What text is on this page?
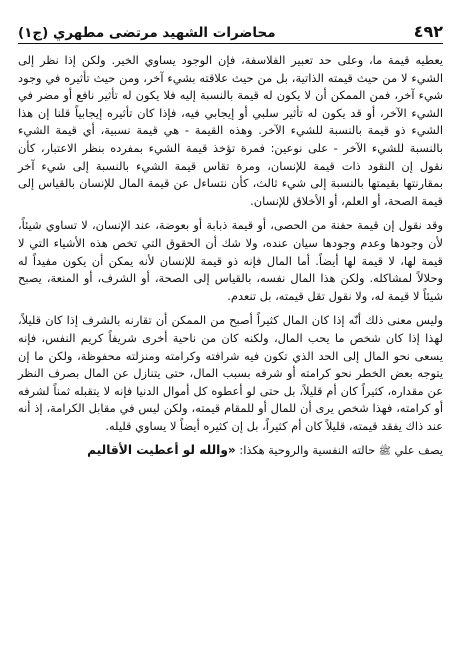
٤٩٢
محاضرات الشهيد مرتضى مطهري (ج١)

يعطيه قيمة ما، وعلى حد تعبير الفلاسفة، فإن الوجود يساوي الخير. ولكن إذا نظر إلى الشيء لا من حيث قيمته الذاتية، بل من حيث علاقته بشيء آخر، ومن حيث تأثيره في وجود شيء آخر، فمن الممكن أن لا يكون له قيمة بالنسبة إليه فلا يكون له تأثير نافع أو مضر في الشيء الآخر، أو قد يكون له تأثير سلبي أو إيجابي فيه، فإذا كان تأثيره إيجابياً قلنا إن هذا الشيء ذو قيمة بالنسبة للشيء الآخر. وهذه القيمة - هي قيمة نسبية، أي قيمة الشيء بالنسبة للشيء الآخر - على نوعين: فمرة تؤخذ قيمة الشيء بمفرده بنظر الاعتبار، كأن نقول إن النقود ذات قيمة للإنسان، ومرة تقاس قيمة الشيء بالنسبة إلى شيء آخر بمقارنتها بقيمتها بالنسبة إلى شيء ثالث، كأن نتساءل عن قيمة المال للإنسان بالقياس إلى قيمة الصحة، أو العلم، أو الأخلاق للإنسان.

وقد نقول إن قيمة حفنة من الحصى، أو قيمة ذبابة أو بعوضة، عند الإنسان، لا تساوي شيئاً، لأن وجودها وعدم وجودها سيان عنده، ولا شك أن الحقوق التي تخص هذه الأشياء التي لا قيمة لها، لا قيمة لها أيضاً. أما المال فإنه ذو قيمة للإنسان لأنه يمكن أن يكون مفيداً له وحلالاً لمشاكله. ولكن هذا المال نفسه، بالقياس إلى الصحة، أو الشرف، أو المنعة، يصبح شيئاً لا قيمة له، ولا نقول تقل قيمته، بل تنعدم.

وليس معنى ذلك أنّه إذا كان المال كثيراً أصبح من الممكن أن تقارنه بالشرف إذا كان قليلاً، لهذا إذا كان شخص ما يحب المال، ولكنه كان من ناحية أخرى شريفاً كريم النفس، فإنه يسعى نحو المال إلى الحد الذي تكون فيه شرافته وكرامته ومنزلته محفوظة، ولكن ما إن يتوجه بعض الخطر نحو كرامته أو شرفه بسبب المال، حتى يتنازل عن المال بصرف النظر عن مقداره، كثيراً كان أم قليلاً، بل حتى لو أعطوه كل أموال الدنيا فإنه لا يتقبله ثمناً لشرفه أو كرامته، فهذا شخص يرى أن للمال أو للمقام قيمته، ولكن ليس في مقابل الكرامة، إذ أنه عند ذاك يفقد قيمته، قليلاً كان أم كثيراً، بل إن كثيره أيضاً لا يساوي قليله.

يصف علي ﷺ حالته النفسية والروحية هكذا: «والله لو أعطيت الأقاليم
